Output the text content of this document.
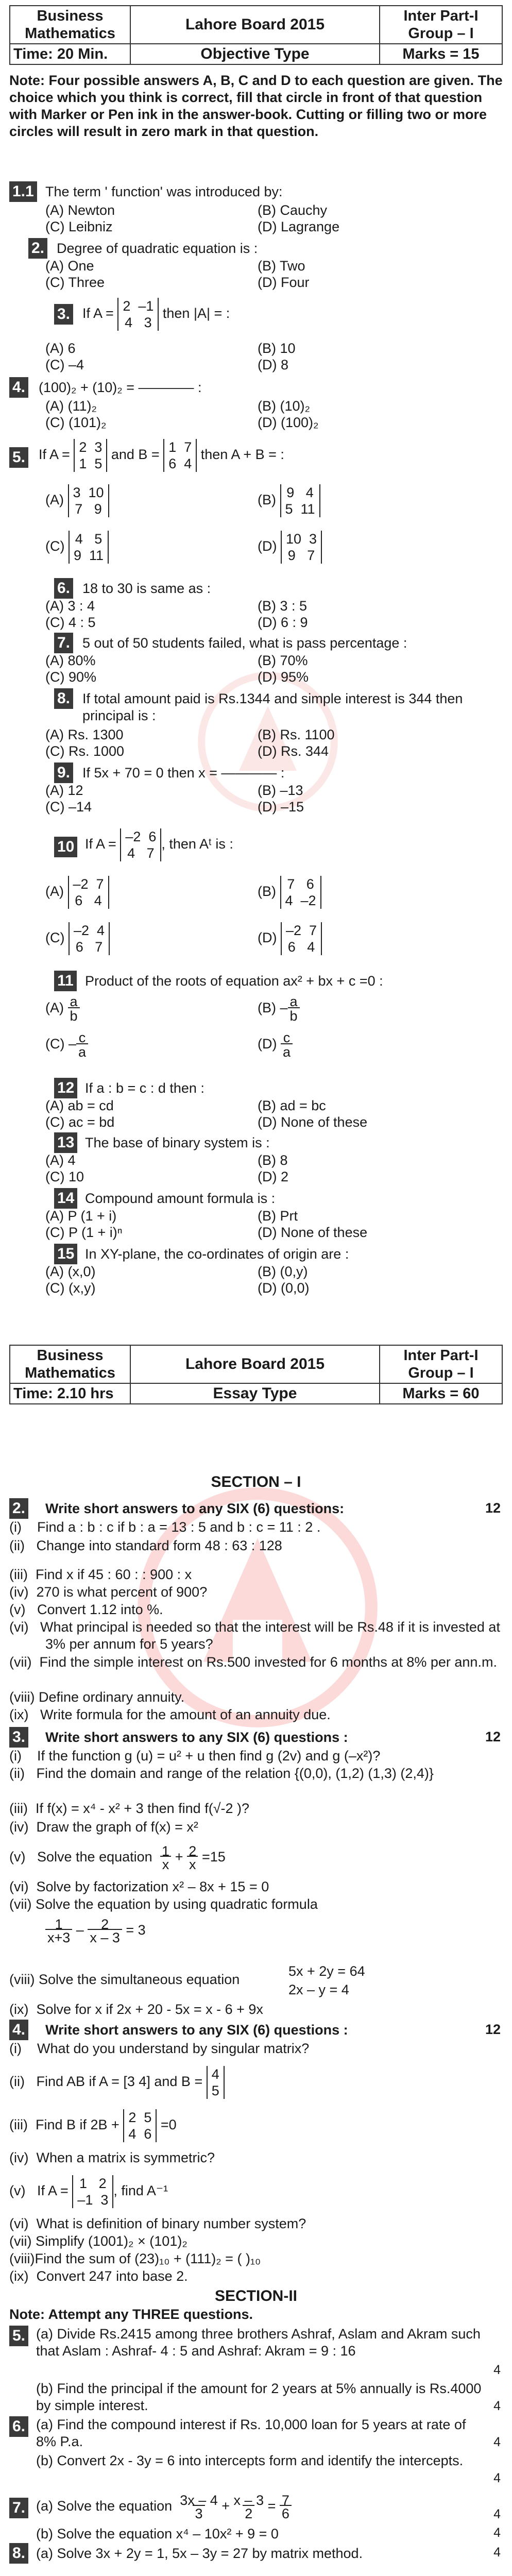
Business Mathematics	Lahore Board 2015	Inter Part-I Group – I
Time: 20 Min.	Objective Type	Marks = 15
Note: Four possible answers A, B, C and D to each question are given. The choice which you think is correct, fill that circle in front of that question with Marker or Pen ink in the answer-book. Cutting or filling two or more circles will result in zero mark in that question.
1.1 The term ' function' was introduced by:
(A) Newton	(B) Cauchy
(C) Leibniz	(D) Lagrange
2. Degree of quadratic equation is :
(A) One	(B) Two
(C) Three	(D) Four
3. If A = 2  –1
4   3 then |A| = :
(A) 6	(B) 10
(C) –4	(D) 8
4. (100)₂ + (10)₂ = ———— :
(A) (11)₂	(B) (10)₂
(C) (101)₂	(D) (100)₂
5. If A = 2  3
1  5 and B = 1  7
6  4 then A + B = :
(A) 3  10
7   9
(B) 9   4
5  11
(C) 4   5
9  11
(D) 10  3
9   7
6. 18 to 30 is same as :
(A) 3 : 4	(B) 3 : 5
(C) 4 : 5	(D) 6 : 9
7. 5 out of 50 students failed, what is pass percentage :
(A) 80%	(B) 70%
(C) 90%	(D) 95%
8. If total amount paid is Rs.1344 and simple interest is 344 then principal is :
(A) Rs. 1300	(B) Rs. 1100
(C) Rs. 1000	(D) Rs. 344
9. If 5x + 70 = 0 then x = ———— :
(A) 12	(B) –13
(C) –14	(D) –15
10 If A = –2  6
4   7, then Aᵗ is :
(A) –2  7
6   4
(B) 7   6
4  –2
(C) –2  4
6   7
(D) –2  7
6   4
11 Product of the roots of equation ax² + bx + c =0 :
(A) a
b
(B) – a
b
(C) – c
a
(D) c
a
12 If a : b = c : d then :
(A) ab = cd	(B) ad = bc
(C) ac = bd	(D) None of these
13 The base of binary system is :
(A) 4	(B) 8
(C) 10	(D) 2
14 Compound amount formula is :
(A) P (1 + i)	(B) Prt
(C) P (1 + i)ⁿ	(D) None of these
15 In XY-plane, the co-ordinates of origin are :
(A) (x,0)	(B) (0,y)
(C) (x,y)	(D) (0,0)
Business Mathematics	Lahore Board 2015	Inter Part-I Group – I
Time: 2.10 hrs	Essay Type	Marks = 60
SECTION – I
2. Write short answers to any SIX (6) questions:	12
(i)    Find a : b : c if b : a = 13 : 5 and b : c = 11 : 2 .
(ii)   Change into standard form 48 : 63 : 128
(iii)  Find x if 45 : 60 : : 900 : x
(iv)  270 is what percent of 900?
(v)   Convert 1.12 into %.
(vi)   What principal is needed so that the interest will be Rs.48 if it is invested at 3% per annum for 5 years?
(vii)  Find the simple interest on Rs.500 invested for 6 months at 8% per ann.m.
(viii) Define ordinary annuity.
(ix)   Write formula for the amount of an annuity due.
3. Write short answers to any SIX (6) questions :	12
(i)    If the function g (u) = u² + u then find g (2v) and g (–x²)?
(ii)   Find the domain and range of the relation {(0,0), (1,2) (1,3) (2,4)}
(iii)  If f(x) = x⁴ - x² + 3 then find f(√-2 )?
(iv)  Draw the graph of f(x) = x²
(v)   Solve the equation 1
x + 2
x =15
(vi)  Solve by factorization x² – 8x + 15 = 0
(vii) Solve the equation by using quadratic formula
1
x+3 – 2
x – 3 = 3
5x + 2y = 64
2x – y = 4
(viii) Solve the simultaneous equation
(ix)  Solve for x if 2x + 20 - 5x = x - 6 + 9x
4. Write short answers to any SIX (6) questions :	12
(i)    What do you understand by singular matrix?
(ii)   Find AB if A = [3 4] and B = 4
5
(iii)  Find B if 2B + 2  5
4  6 =0
(iv)  When a matrix is symmetric?
(v)   If A = 1   2
–1  3, find A⁻¹
(vi)  What is definition of binary number system?
(vii) Simplify (1001)₂ × (101)₂
(viii)Find the sum of (23)₁₀ + (111)₂ = ( )₁₀
(ix)  Convert 247 into base 2.
SECTION-II
Note: Attempt any THREE questions.
5. (a) Divide Rs.2415 among three brothers Ashraf, Aslam and Akram such that Aslam : Ashraf- 4 : 5 and Ashraf: Akram = 9 : 16
4
(b) Find the principal if the amount for 2 years at 5% annually is Rs.4000 by simple interest.	4
6. (a) Find the compound interest if Rs. 10,000 loan for 5 years at rate of 8% P.a.	4
(b) Convert 2x - 3y = 6 into intercepts form and identify the intercepts.
4
7. (a) Solve the equation 3x – 4
3 + x – 3
2 = 7
6	4
(b) Solve the equation x⁴ – 10x² + 9 = 0	4
8. (a) Solve 3x + 2y = 1, 5x – 3y = 27 by matrix method.	4
